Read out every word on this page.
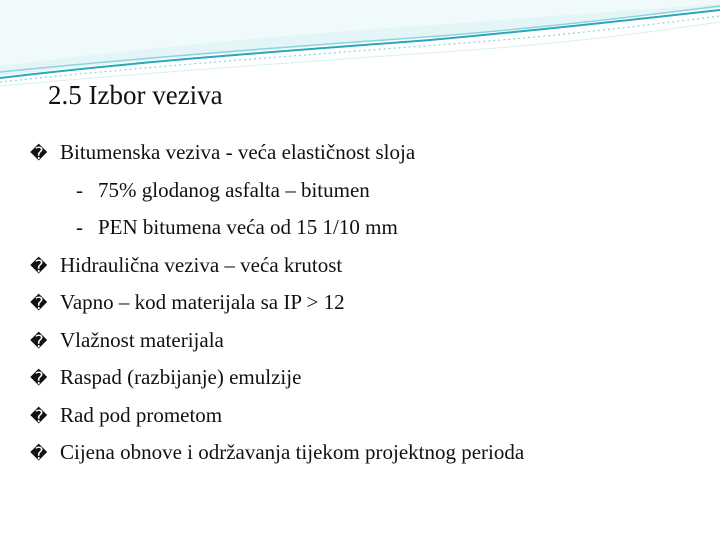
2.5 Izbor veziva
� Bitumenska veziva - veća elastičnost sloja
- 75% glodanog asfalta – bitumen
- PEN bitumena veća od 15 1/10 mm
� Hidraulična veziva – veća krutost
� Vapno – kod materijala sa IP > 12
� Vlažnost materijala
� Raspad (razbijanje) emulzije
� Rad pod prometom
� Cijena obnove i održavanja tijekom projektnog perioda
